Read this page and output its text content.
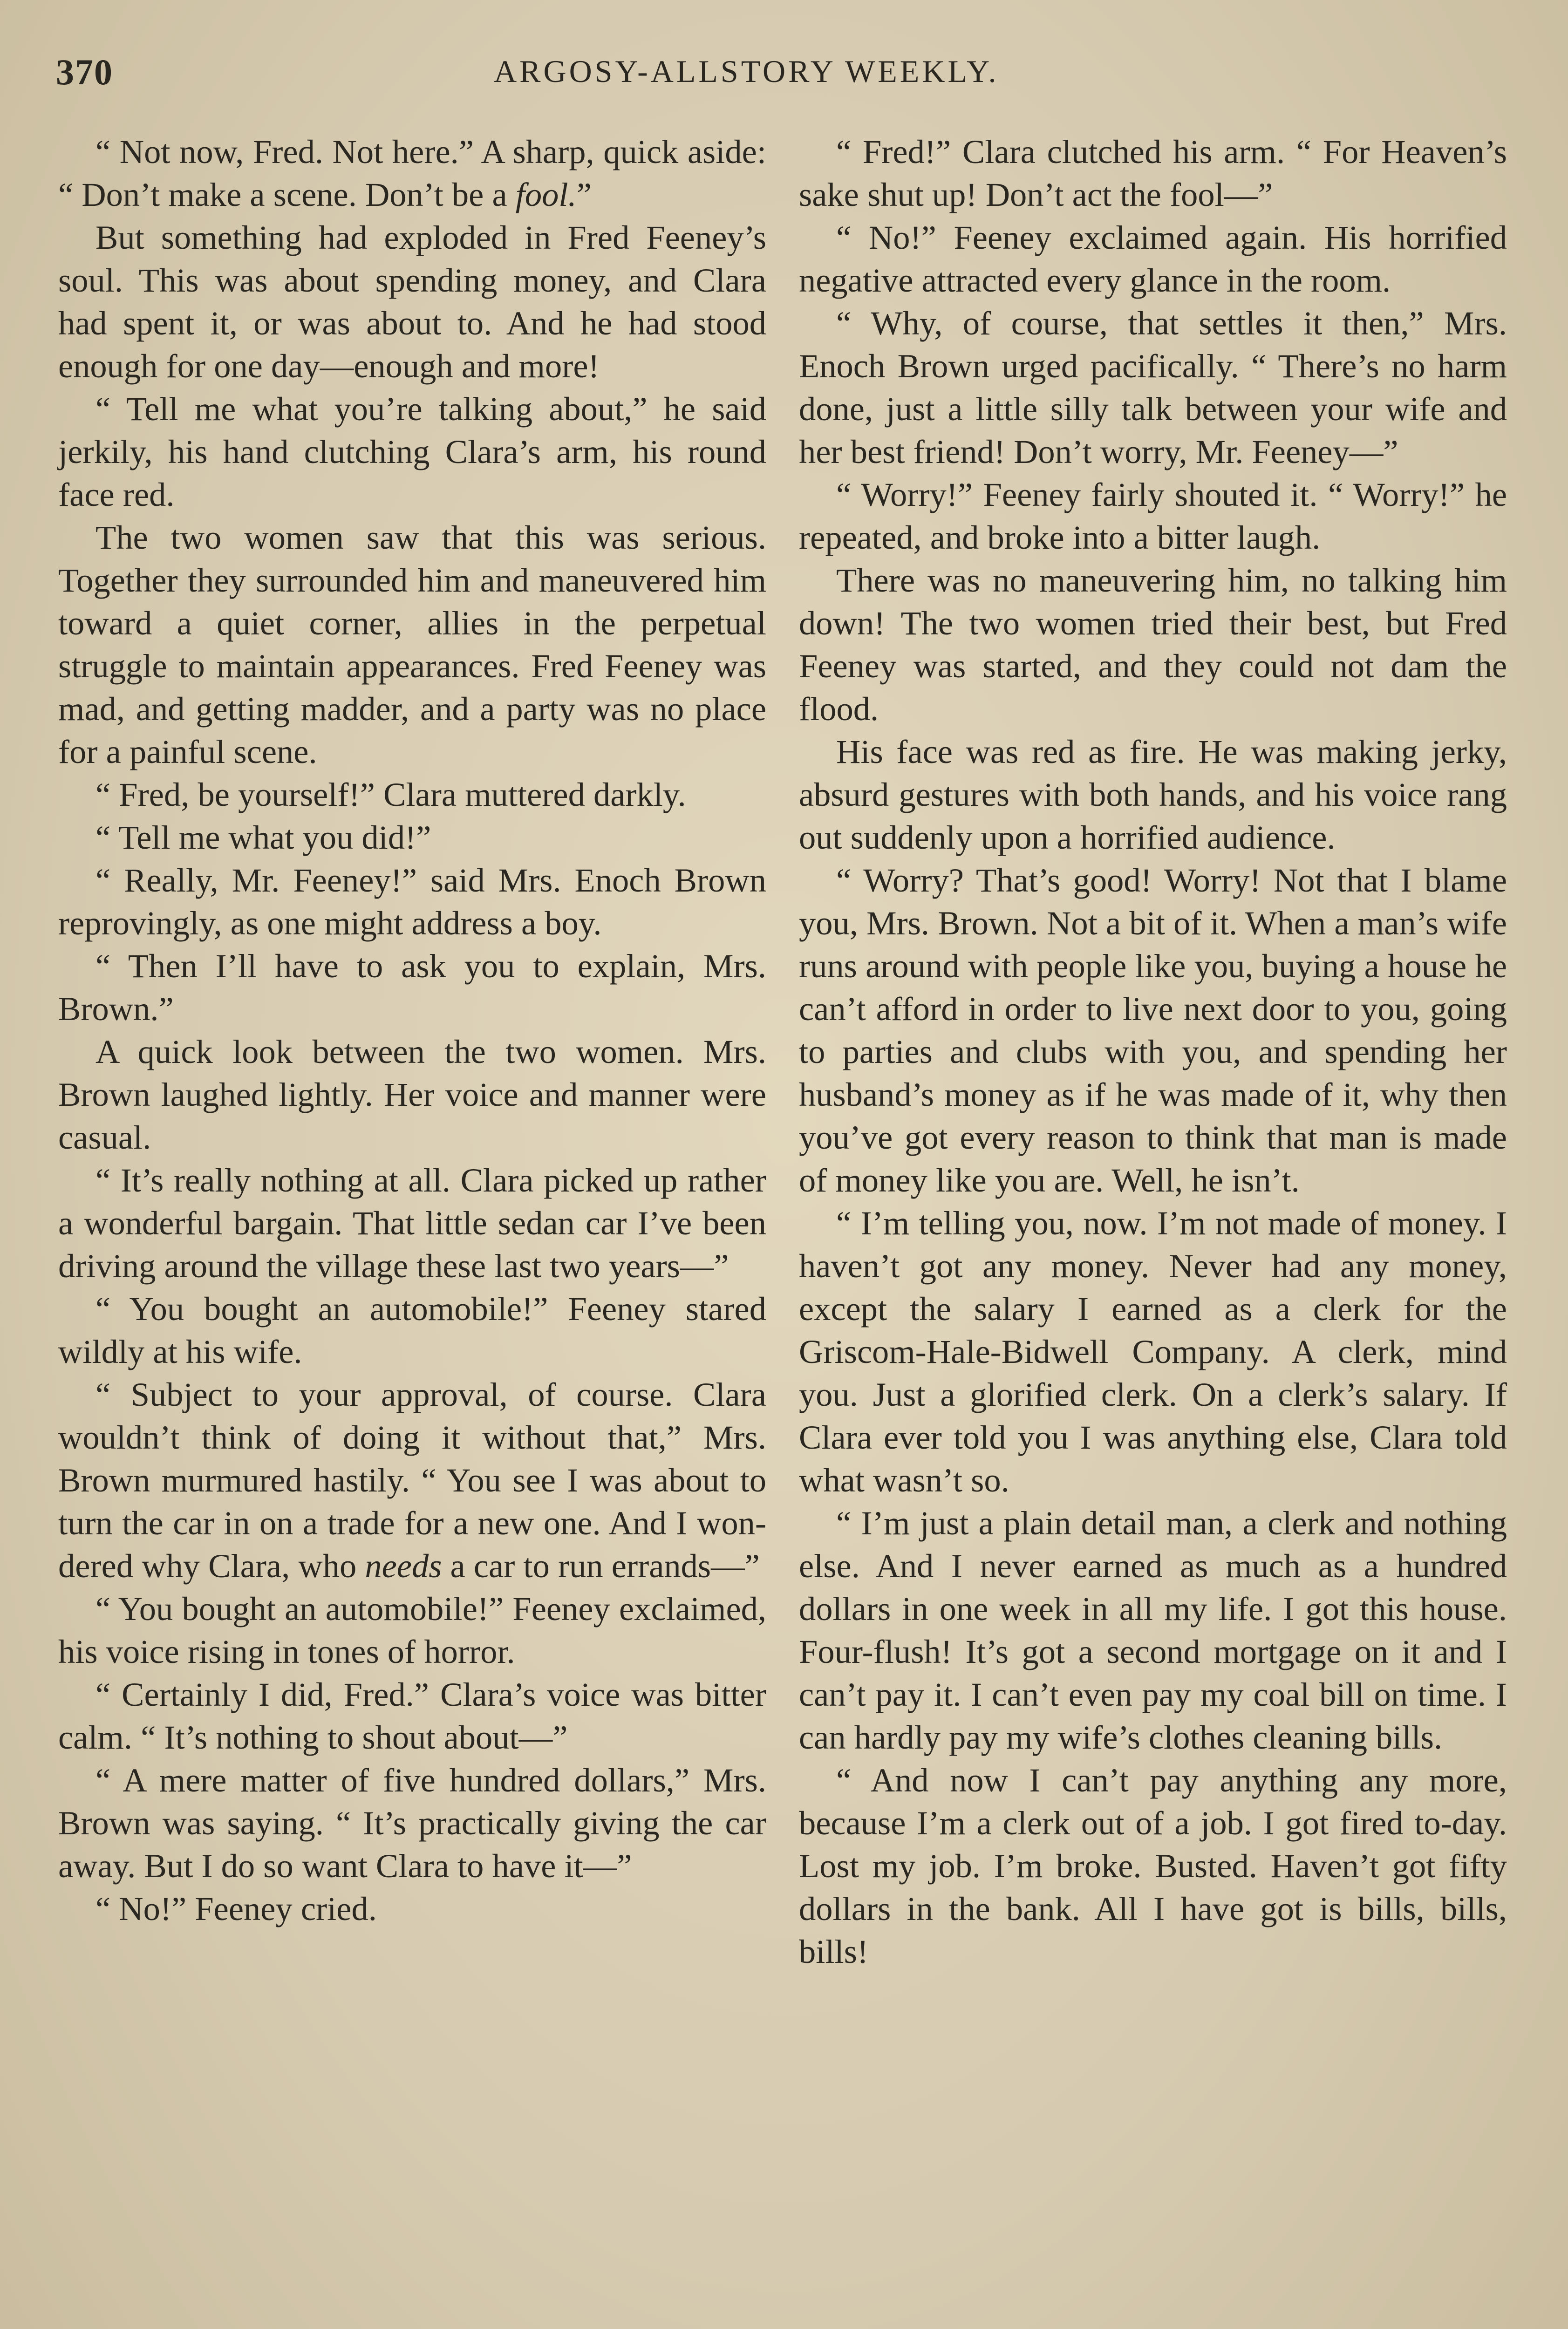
370	ARGOSY-ALLSTORY WEEKLY.

“ Not now, Fred. Not here.” A sharp, quick aside: “ Don’t make a scene. Don’t be a fool.”

But something had exploded in Fred Feeney’s soul. This was about spending money, and Clara had spent it, or was about to. And he had stood enough for one day—enough and more!

“ Tell me what you’re talking about,” he said jerkily, his hand clutching Clara’s arm, his round face red.

The two women saw that this was serious. Together they surrounded him and maneuvered him toward a quiet corner, allies in the perpetual struggle to maintain appearances. Fred Feeney was mad, and getting madder, and a party was no place for a painful scene.

“ Fred, be yourself!” Clara muttered darkly.

“ Tell me what you did!”

“ Really, Mr. Feeney!” said Mrs. Enoch Brown reprovingly, as one might address a boy.

“ Then I’ll have to ask you to explain, Mrs. Brown.”

A quick look between the two women. Mrs. Brown laughed lightly. Her voice and manner were casual.

“ It’s really nothing at all. Clara picked up rather a wonderful bargain. That little sedan car I’ve been driving around the village these last two years—”

“ You bought an automobile!” Feeney stared wildly at his wife.

“ Subject to your approval, of course. Clara wouldn’t think of doing it without that,” Mrs. Brown murmured hastily. “ You see I was about to turn the car in on a trade for a new one. And I wondered why Clara, who needs a car to run errands—”

“ You bought an automobile!” Feeney exclaimed, his voice rising in tones of horror.

“ Certainly I did, Fred.” Clara’s voice was bitter calm. “ It’s nothing to shout about—”

“ A mere matter of five hundred dollars,” Mrs. Brown was saying. “ It’s practically giving the car away. But I do so want Clara to have it—”

“ No!” Feeney cried.

“ Fred!” Clara clutched his arm. “ For Heaven’s sake shut up! Don’t act the fool—”

“ No!” Feeney exclaimed again. His horrified negative attracted every glance in the room.

“ Why, of course, that settles it then,” Mrs. Enoch Brown urged pacifically. “ There’s no harm done, just a little silly talk between your wife and her best friend! Don’t worry, Mr. Feeney—”

“ Worry!” Feeney fairly shouted it. “ Worry!” he repeated, and broke into a bitter laugh.

There was no maneuvering him, no talking him down! The two women tried their best, but Fred Feeney was started, and they could not dam the flood.

His face was red as fire. He was making jerky, absurd gestures with both hands, and his voice rang out suddenly upon a horrified audience.

“ Worry? That’s good! Worry! Not that I blame you, Mrs. Brown. Not a bit of it. When a man’s wife runs around with people like you, buying a house he can’t afford in order to live next door to you, going to parties and clubs with you, and spending her husband’s money as if he was made of it, why then you’ve got every reason to think that man is made of money like you are. Well, he isn’t.

“ I’m telling you, now. I’m not made of money. I haven’t got any money. Never had any money, except the salary I earned as a clerk for the Griscom-Hale-Bidwell Company. A clerk, mind you. Just a glorified clerk. On a clerk’s salary. If Clara ever told you I was anything else, Clara told what wasn’t so.

“ I’m just a plain detail man, a clerk and nothing else. And I never earned as much as a hundred dollars in one week in all my life. I got this house. Four-flush! It’s got a second mortgage on it and I can’t pay it. I can’t even pay my coal bill on time. I can hardly pay my wife’s clothes cleaning bills.

“ And now I can’t pay anything any more, because I’m a clerk out of a job. I got fired to-day. Lost my job. I’m broke. Busted. Haven’t got fifty dollars in the bank. All I have got is bills, bills, bills!
